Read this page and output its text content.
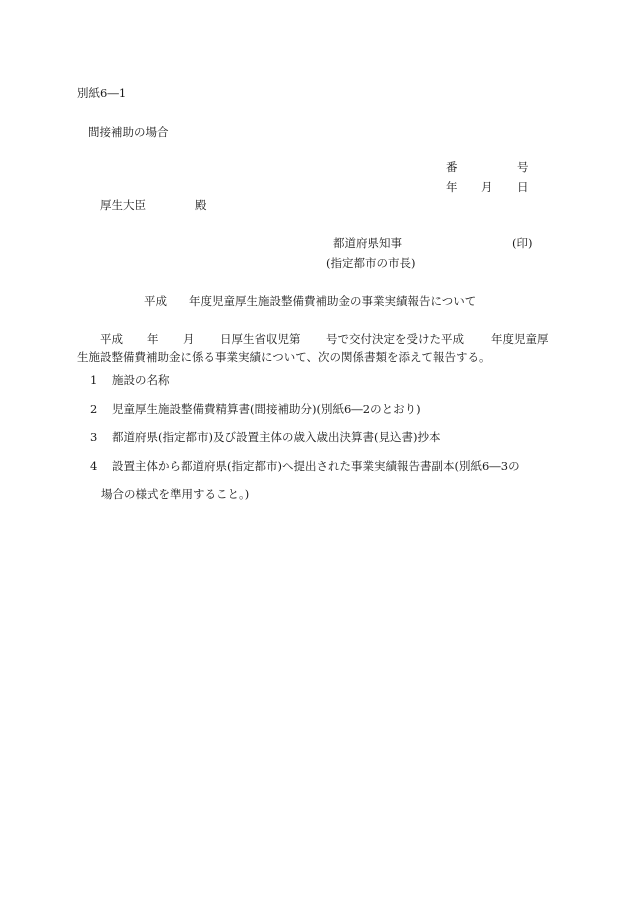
別紙6―1
間接補助の場合
番	号
年 月 日
厚生大臣	殿
都道府県知事	(印)
(指定都市の市長)
平成 年度児童厚生施設整備費補助金の事業実績報告について
平成 年 月 日厚生省収児第 号で交付決定を受けた平成 年度児童厚
生施設整備費補助金に係る事業実績について、次の関係書類を添えて報告する。
1 施設の名称
2 児童厚生施設整備費精算書(間接補助分)(別紙6―2のとおり)
3 都道府県(指定都市)及び設置主体の歳入歳出決算書(見込書)抄本
4 設置主体から都道府県(指定都市)へ提出された事業実績報告書副本(別紙6―3の
場合の様式を準用すること。)
